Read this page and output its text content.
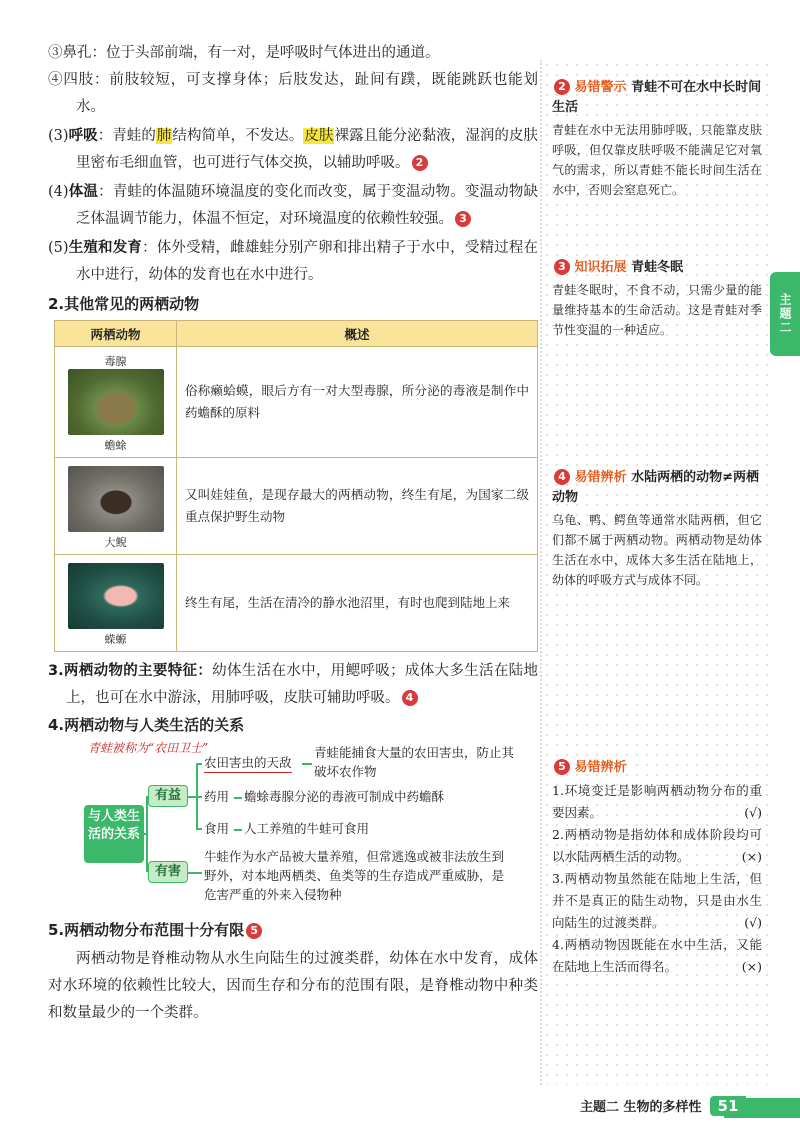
③鼻孔：位于头部前端，有一对，是呼吸时气体进出的通道。

④四肢：前肢较短，可支撑身体；后肢发达，趾间有蹼，既能跳跃也能划水。

(3)呼吸：青蛙的肺结构简单，不发达。皮肤裸露且能分泌黏液，湿润的皮肤里密布毛细血管，也可进行气体交换，以辅助呼吸。 2

(4)体温：青蛙的体温随环境温度的变化而改变，属于变温动物。变温动物缺乏体温调节能力，体温不恒定，对环境温度的依赖性较强。 3

(5)生殖和发育：体外受精，雌雄蛙分别产卵和排出精子于水中，受精过程在水中进行，幼体的发育也在水中进行。

2.其他常见的两栖动物
两栖动物	概述

毒腺
蟾蜍	俗称癞蛤蟆，眼后方有一对大型毒腺，所分泌的毒液是制作中药蟾酥的原料

大鲵	又叫娃娃鱼，是现存最大的两栖动物，终生有尾，为国家二级重点保护野生动物

蝾螈	终生有尾，生活在清冷的静水池沼里，有时也爬到陆地上来

3.两栖动物的主要特征：幼体生活在水中，用鳃呼吸；成体大多生活在陆地上，也可在水中游泳，用肺呼吸，皮肤可辅助呼吸。 4

4.两栖动物与人类生活的关系
青蛙被称为“农田卫士”
与人类生活的关系
有益
有害
农田害虫的天敌
青蛙能捕食大量的农田害虫，防止其破坏农作物
药用 蟾蜍毒腺分泌的毒液可制成中药蟾酥
食用 人工养殖的牛蛙可食用
牛蛙作为水产品被大量养殖，但常逃逸或被非法放生到野外，对本地两栖类、鱼类等的生存造成严重威胁，是危害严重的外来入侵物种
5.两栖动物分布范围十分有限 5

两栖动物是脊椎动物从水生向陆生的过渡类群，幼体在水中发育，成体对水环境的依赖性比较大，因而生存和分布的范围有限，是脊椎动物中种类和数量最少的一个类群。

2 易错警示 青蛙不可在水中长时间生活
青蛙在水中无法用肺呼吸，只能靠皮肤呼吸，但仅靠皮肤呼吸不能满足它对氧气的需求，所以青蛙不能长时间生活在水中，否则会窒息死亡。
3 知识拓展 青蛙冬眠
青蛙冬眠时，不食不动，只需少量的能量维持基本的生命活动。这是青蛙对季节性变温的一种适应。
4 易错辨析 水陆两栖的动物≠两栖动物
乌龟、鸭、鳄鱼等通常水陆两栖，但它们都不属于两栖动物。两栖动物是幼体生活在水中，成体大多生活在陆地上，幼体的呼吸方式与成体不同。
5 易错辨析
1.环境变迁是影响两栖动物分布的重要因素。	(√)
2.两栖动物是指幼体和成体阶段均可以水陆两栖生活的动物。	(×)
3.两栖动物虽然能在陆地上生活，但并不是真正的陆生动物，只是由水生向陆生的过渡类群。	(√)
4.两栖动物因既能在水中生活，又能在陆地上生活而得名。	(×)
主题二
主题二 生物的多样性 51
